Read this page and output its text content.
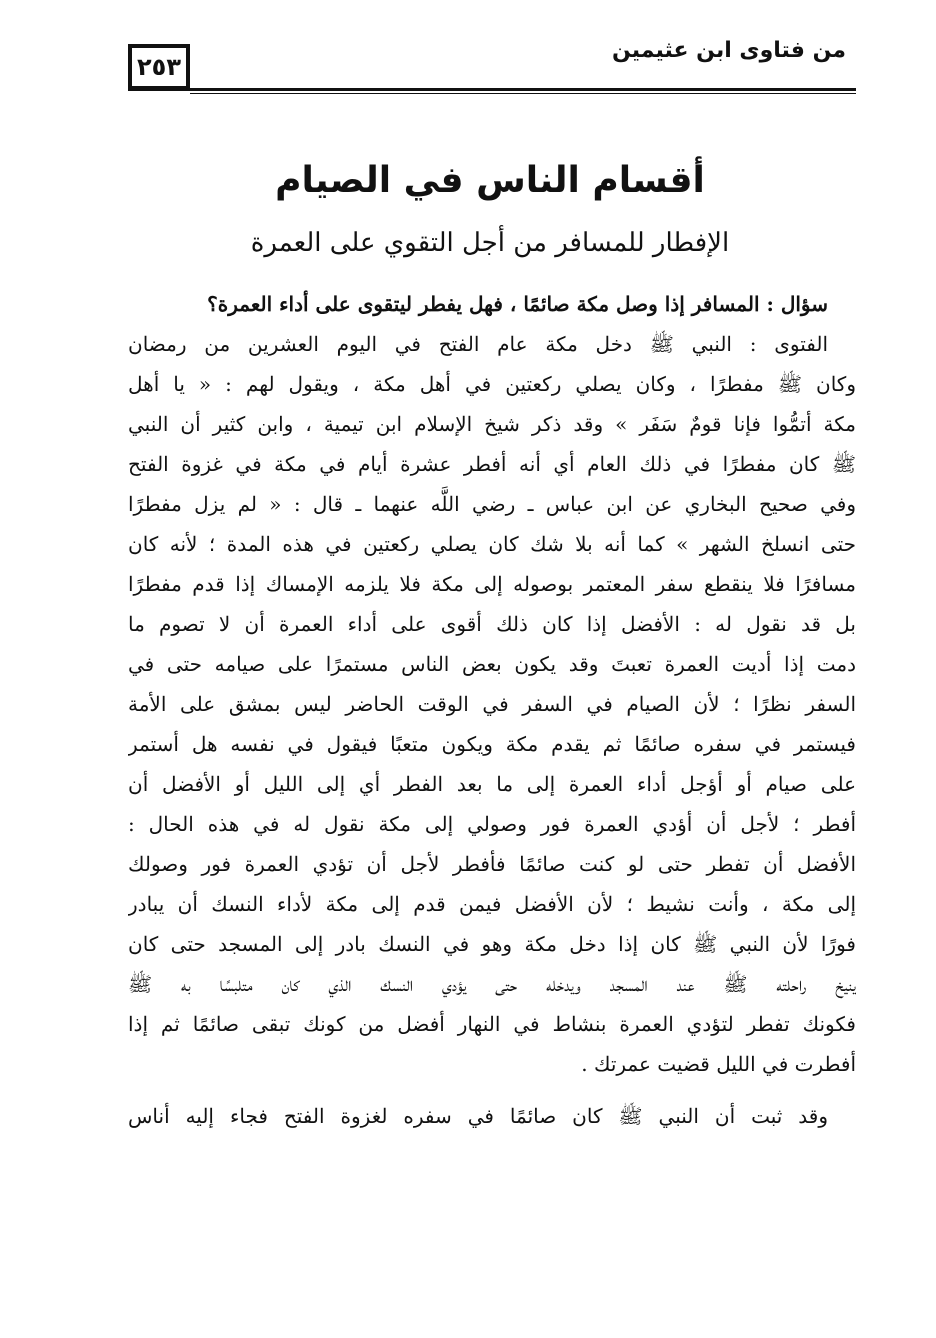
من فتاوى ابن عثيمين
٢٥٣
أقسام الناس في الصيام
الإفطار للمسافر من أجل التقوي على العمرة
سؤال : المسافر إذا وصل مكة صائمًا ، فهل يفطر ليتقوى على أداء العمرة؟
الفتوى : النبي ﷺ دخل مكة عام الفتح في اليوم العشرين من رمضان
وكان ﷺ مفطرًا ، وكان يصلي ركعتين في أهل مكة ، ويقول لهم : « يا أهل
مكة أتمُّوا فإنا قومٌ سَفَر » وقد ذكر شيخ الإسلام ابن تيمية ، وابن كثير أن النبي
ﷺ كان مفطرًا في ذلك العام أي أنه أفطر عشرة أيام في مكة في غزوة الفتح
وفي صحيح البخاري عن ابن عباس ـ رضي اللَّه عنهما ـ قال : « لم يزل مفطرًا
حتى انسلخ الشهر » كما أنه بلا شك كان يصلي ركعتين في هذه المدة ؛ لأنه كان
مسافرًا فلا ينقطع سفر المعتمر بوصوله إلى مكة فلا يلزمه الإمساك إذا قدم مفطرًا
بل قد نقول له : الأفضل إذا كان ذلك أقوى على أداء العمرة أن لا تصوم ما
دمت إذا أديت العمرة تعبتَ وقد يكون بعض الناس مستمرًا على صيامه حتى في
السفر نظرًا ؛ لأن الصيام في السفر في الوقت الحاضر ليس بمشق على الأمة
فيستمر في سفره صائمًا ثم يقدم مكة ويكون متعبًا فيقول في نفسه هل أستمر
على صيام أو أؤجل أداء العمرة إلى ما بعد الفطر أي إلى الليل أو الأفضل أن
أفطر ؛ لأجل أن أؤدي العمرة فور وصولي إلى مكة نقول له في هذه الحال :
الأفضل أن تفطر حتى لو كنت صائمًا فأفطر لأجل أن تؤدي العمرة فور وصولك
إلى مكة ، وأنت نشيط ؛ لأن الأفضل فيمن قدم إلى مكة لأداء النسك أن يبادر
فورًا لأن النبي ﷺ كان إذا دخل مكة وهو في النسك بادر إلى المسجد حتى كان
ينيخ راحلته ﷺ عند المسجد ويدخله حتى يؤدي النسك الذي كان متلبسًا به ﷺ
فكونك تفطر لتؤدي العمرة بنشاط في النهار أفضل من كونك تبقى صائمًا ثم إذا
أفطرت في الليل قضيت عمرتك .
وقد ثبت أن النبي ﷺ كان صائمًا في سفره لغزوة الفتح فجاء إليه أناس
